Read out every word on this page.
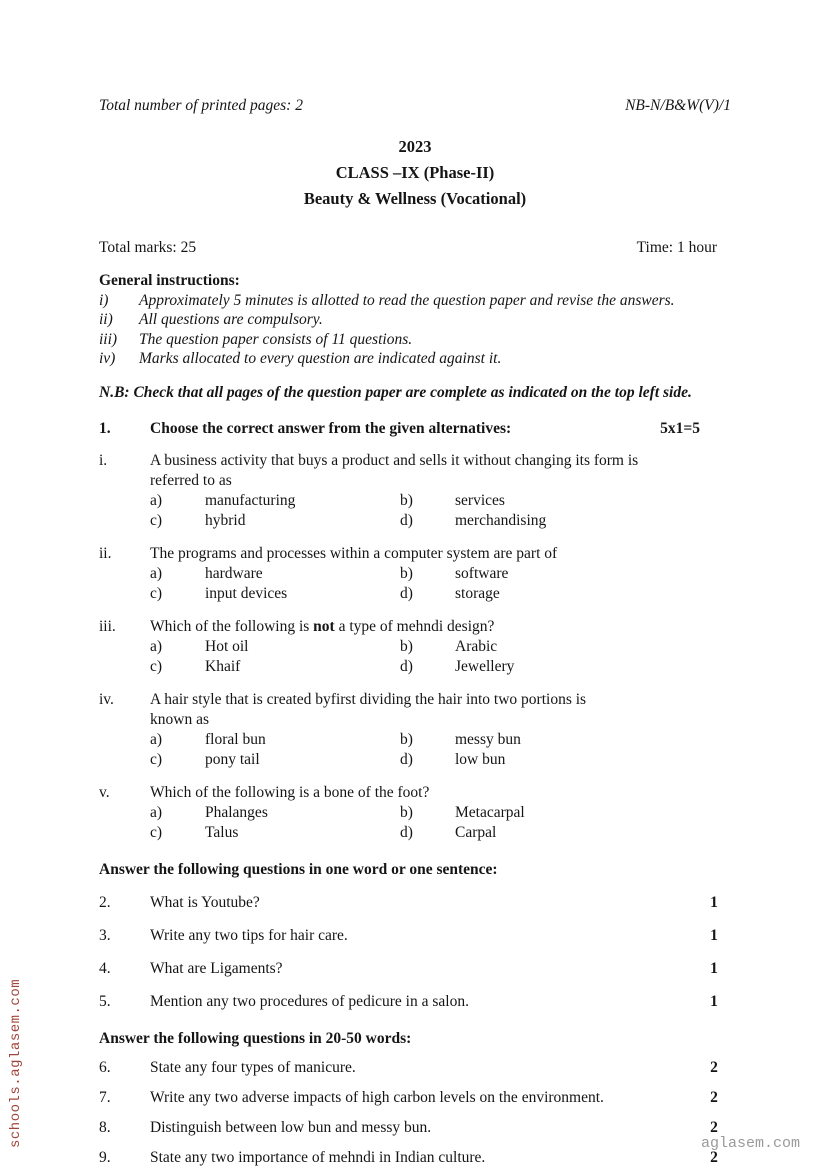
Total number of printed pages: 2	NB-N/B&W(V)/1
2023
CLASS –IX (Phase-II)
Beauty & Wellness (Vocational)
Total marks: 25	Time: 1 hour
General instructions:
i)	Approximately 5 minutes is allotted to read the question paper and revise the answers.
ii)	All questions are compulsory.
iii)	The question paper consists of 11 questions.
iv)	Marks allocated to every question are indicated against it.
N.B: Check that all pages of the question paper are complete as indicated on the top left side.
1.	Choose the correct answer from the given alternatives:	5x1=5
i.	A business activity that buys a product and sells it without changing its form is
referred to as
a)	manufacturing	b)	services
c)	hybrid	d)	merchandising
ii.	The programs and processes within a computer system are part of
a)	hardware	b)	software
c)	input devices	d)	storage
iii.	Which of the following is not a type of mehndi design?
a)	Hot oil	b)	Arabic
c)	Khaif	d)	Jewellery
iv.	A hair style that is created byfirst dividing the hair into two portions is
known as
a)	floral bun	b)	messy bun
c)	pony tail	d)	low bun
v.	Which of the following is a bone of the foot?
a)	Phalanges	b)	Metacarpal
c)	Talus	d)	Carpal
Answer the following questions in one word or one sentence:
2.	What is Youtube?	1
3.	Write any two tips for hair care.	1
4.	What are Ligaments?	1
5.	Mention any two procedures of pedicure in a salon.	1
Answer the following questions in 20-50 words:
6.	State any four types of manicure.	2
7.	Write any two adverse impacts of high carbon levels on the environment.	2
8.	Distinguish between low bun and messy bun.	2
9.	State any two importance of mehndi in Indian culture.	2
schools.aglasem.com	aglasem.com
